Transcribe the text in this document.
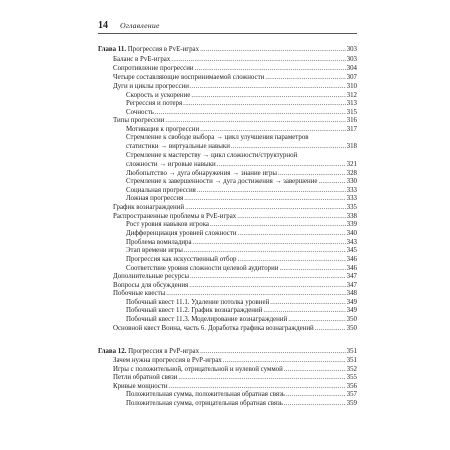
14 Оглавление
Глава 11. Прогрессия в PvE-играх .....	303
Баланс в PvE-играх .....	303
Сопротивление прогрессии .....	304
Четыре составляющие воспринимаемой сложности .....	307
Дуги и циклы прогрессии .....	310
Скорость и ускорение .....	312
Регрессия и потеря .....	313
Сочность .....	315
Типы прогрессии .....	316
Мотивация к прогрессии .....	317
Стремление к свободе выбора → цикл улучшения параметров
статистики → виртуальные навыки .....	318
Стремление к мастерству → цикл сложности/структурной
сложности → игровые навыки .....	321
Любопытство → дуга обнаружения → знание игры .....	328
Стремление к завершенности → дуга достижения → завершение .....	330
Социальная прогрессия .....	333
Ложная прогрессия .....	333
График вознаграждений .....	335
Распространенные проблемы в PvE-играх .....	338
Рост уровня навыков игрока .....	339
Дифференциация уровней сложности .....	340
Проблема вомиладира .....	343
Этап времени игры .....	345
Прогрессия как искусственный отбор .....	346
Соответствие уровня сложности целевой аудитории .....	346
Дополнительные ресурсы .....	347
Вопросы для обсуждения .....	347
Побочные квесты .....	348
Побочный квест 11.1. Удаление потолка уровней .....	349
Побочный квест 11.2. График вознаграждений .....	349
Побочный квест 11.3. Моделирование вознаграждений .....	350
Основной квест Воина, часть 6. Доработка графика вознаграждений .....	350
Глава 12. Прогрессия в PvP-играх .....	351
Зачем нужна прогрессия в PvP-играх .....	351
Игры с положительной, отрицательной и нулевой суммой .....	352
Петли обратной связи .....	355
Кривые мощности .....	356
Положительная сумма, положительная обратная связь .....	357
Положительная сумма, отрицательная обратная связь .....	359
